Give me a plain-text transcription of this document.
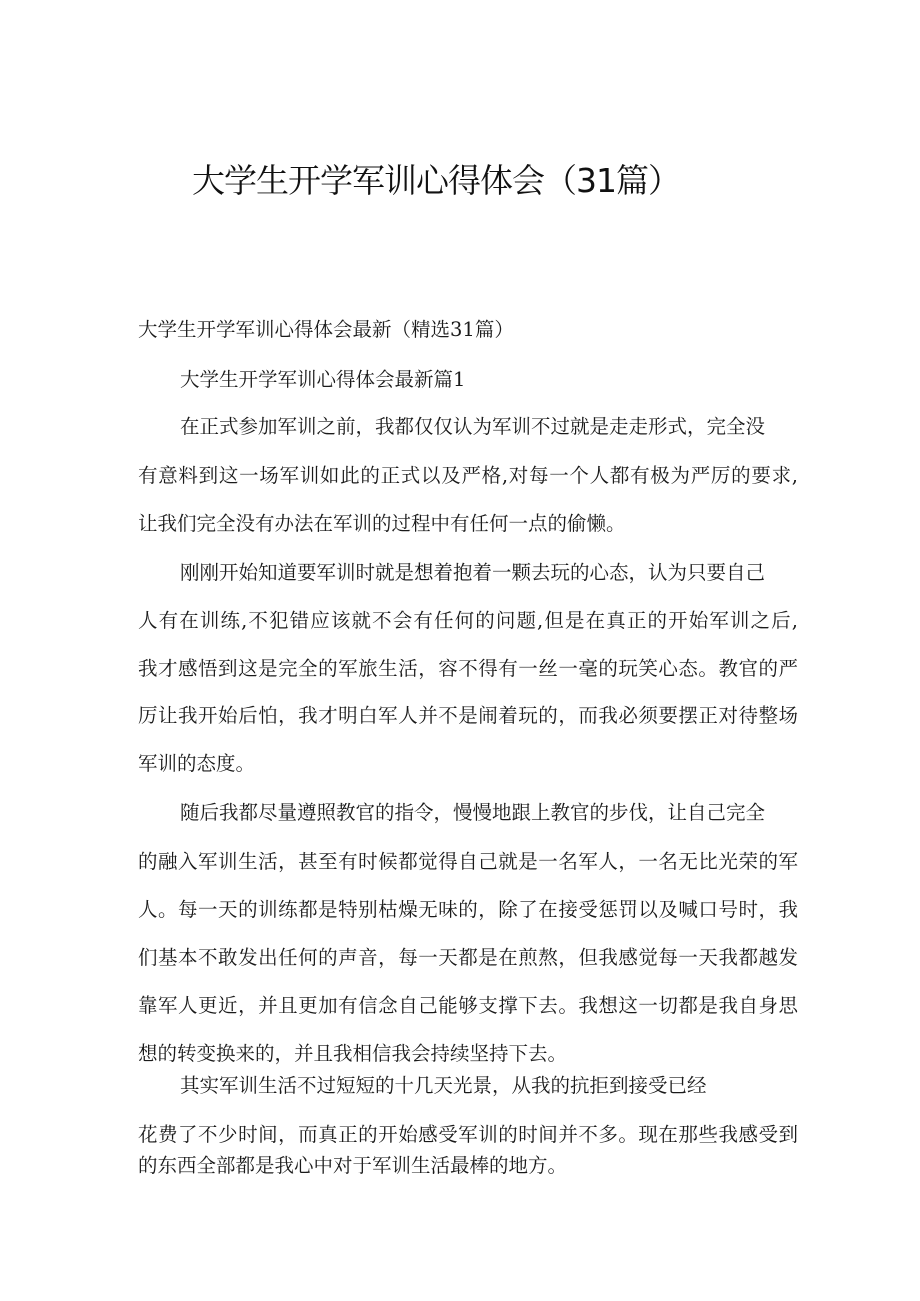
大学生开学军训心得体会（31篇）
大学生开学军训心得体会最新（精选31篇）
大学生开学军训心得体会最新篇1
在正式参加军训之前，我都仅仅认为军训不过就是走走形式，完全没
有意料到这一场军训如此的正式以及严格,对每一个人都有极为严厉的要求,
让我们完全没有办法在军训的过程中有任何一点的偷懒。
刚刚开始知道要军训时就是想着抱着一颗去玩的心态，认为只要自己
人有在训练,不犯错应该就不会有任何的问题,但是在真正的开始军训之后,
我才感悟到这是完全的军旅生活，容不得有一丝一毫的玩笑心态。教官的严
厉让我开始后怕，我才明白军人并不是闹着玩的，而我必须要摆正对待整场
军训的态度。
随后我都尽量遵照教官的指令，慢慢地跟上教官的步伐，让自己完全
的融入军训生活，甚至有时候都觉得自己就是一名军人，一名无比光荣的军
人。每一天的训练都是特别枯燥无味的，除了在接受惩罚以及喊口号时，我
们基本不敢发出任何的声音，每一天都是在煎熬，但我感觉每一天我都越发
靠军人更近，并且更加有信念自己能够支撑下去。我想这一切都是我自身思
想的转变换来的，并且我相信我会持续坚持下去。
其实军训生活不过短短的十几天光景，从我的抗拒到接受已经
花费了不少时间，而真正的开始感受军训的时间并不多。现在那些我感受到
的东西全部都是我心中对于军训生活最棒的地方。
